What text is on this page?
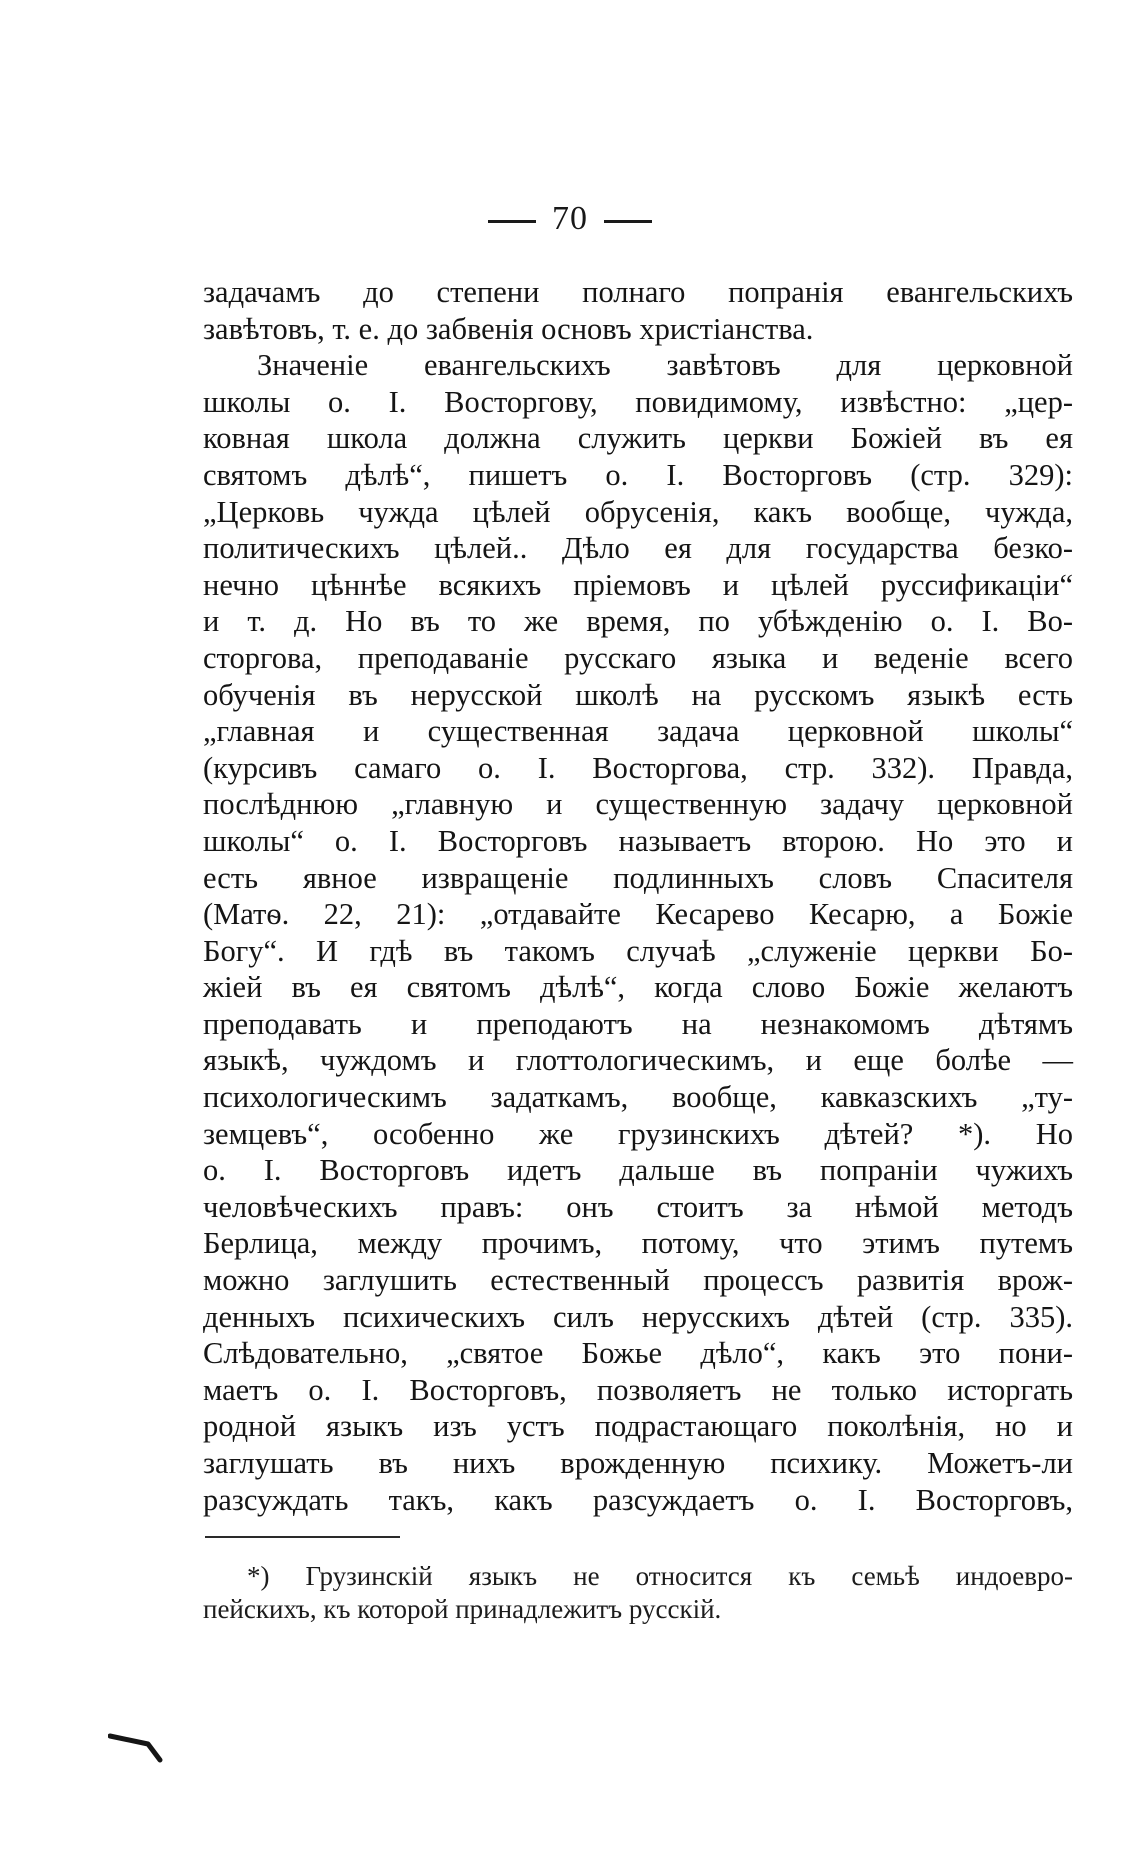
70
задачамъ до степени полнаго попранія евангельскихъ
завѣтовъ, т. е. до забвенія основъ христіанства.
Значеніе евангельскихъ завѣтовъ для церковной
школы о. І. Восторгову, повидимому, извѣстно: „цер-
ковная школа должна служить церкви Божіей въ ея
святомъ дѣлѣ“, пишетъ о. І. Восторговъ (стр. 329):
„Церковь чужда цѣлей обрусенія, какъ вообще, чужда,
политическихъ цѣлей.. Дѣло ея для государства безко-
нечно цѣннѣе всякихъ пріемовъ и цѣлей руссификаціи“
и т. д. Но въ то же время, по убѣжденію о. І. Во-
сторгова, преподаваніе русскаго языка и веденіе всего
обученія въ нерусской школѣ на русскомъ языкѣ есть
„главная и существенная задача церковной школы“
(курсивъ самаго о. І. Восторгова, стр. 332). Правда,
послѣднюю „главную и существенную задачу церковной
школы“ о. І. Восторговъ называетъ второю. Но это и
есть явное извращеніе подлинныхъ словъ Спасителя
(Матѳ. 22, 21): „отдавайте Кесарево Кесарю, а Божіе
Богу“. И гдѣ въ такомъ случаѣ „служеніе церкви Бо-
жіей въ ея святомъ дѣлѣ“, когда слово Божіе желаютъ
преподавать и преподаютъ на незнакомомъ дѣтямъ
языкѣ, чуждомъ и глоттологическимъ, и еще болѣе —
психологическимъ задаткамъ, вообще, кавказскихъ „ту-
земцевъ“, особенно же грузинскихъ дѣтей? *). Но
о. І. Восторговъ идетъ дальше въ попраніи чужихъ
человѣческихъ правъ: онъ стоитъ за нѣмой методъ
Берлица, между прочимъ, потому, что этимъ путемъ
можно заглушить естественный процессъ развитія врож-
денныхъ психическихъ силъ нерусскихъ дѣтей (стр. 335).
Слѣдовательно, „святое Божье дѣло“, какъ это пони-
маетъ о. І. Восторговъ, позволяетъ не только исторгать
родной языкъ изъ устъ подрастающаго поколѣнія, но и
заглушать въ нихъ врожденную психику. Можетъ-ли
разсуждать такъ, какъ разсуждаетъ о. І. Восторговъ,
*) Грузинскій языкъ не относится къ семьѣ индоевро-
пейскихъ, къ которой принадлежитъ русскій.
